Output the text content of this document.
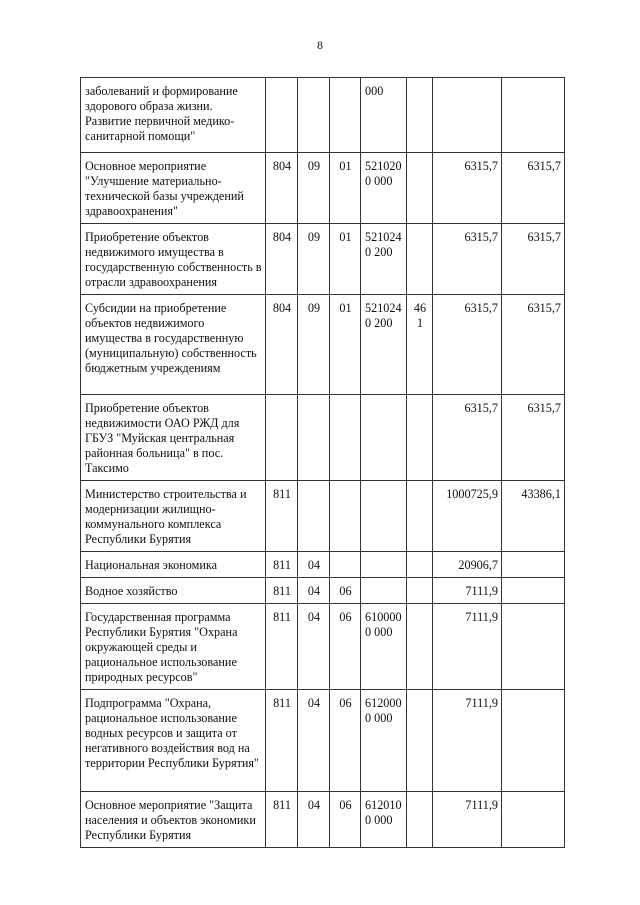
8
заболеваний и формирование здорового образа жизни. Развитие первичной медико-санитарной помощи"				000			
Основное мероприятие "Улучшение материально-технической базы учреждений здравоохранения"	804	09	01	5210200 000		6315,7	6315,7
Приобретение объектов недвижимого имущества в государственную собственность в отрасли здравоохранения	804	09	01	5210240 200		6315,7	6315,7
Субсидии на приобретение объектов недвижимого имущества в государственную (муниципальную) собственность бюджетным учреждениям	804	09	01	5210240 200	461	6315,7	6315,7
Приобретение объектов недвижимости ОАО РЖД для ГБУЗ "Муйская центральная районная больница" в пос. Таксимо						6315,7	6315,7
Министерство строительства и модернизации жилищно-коммунального комплекса Республики Бурятия	811					1000725,9	43386,1
Национальная экономика	811	04				20906,7	
Водное хозяйство	811	04	06			7111,9	
Государственная программа Республики Бурятия "Охрана окружающей среды и рациональное использование природных ресурсов"	811	04	06	6100000 000		7111,9	
Подпрограмма "Охрана, рациональное использование водных ресурсов и защита от негативного воздействия вод на территории Республики Бурятия"	811	04	06	6120000 000		7111,9	
Основное мероприятие "Защита населения и объектов экономики Республики Бурятия	811	04	06	6120100 000		7111,9	
